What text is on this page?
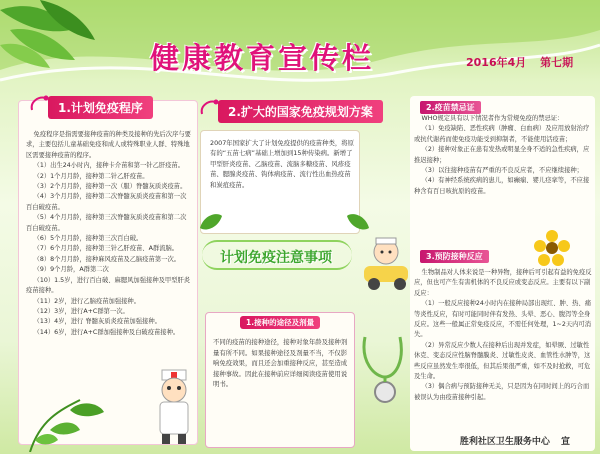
健康教育宣传栏	2016年4月 第七期
1.计划免疫程序

免疫程序是指需要接种疫苗的种类及接种的先后次序与要求，主要包括儿童基础免疫和成人或特殊职业人群、特殊地区需要接种疫苗的程序。

（1）出生24小时内，接种卡介苗和第一针乙肝疫苗。

（2）1个月月龄，接种第二针乙肝疫苗。

（3）2个月月龄，接种第一次（服）脊髓灰质炎疫苗。

（4）3个月月龄，接种第二次脊髓灰质炎疫苗和第一次百白破疫苗。

（5）4个月月龄，接种第三次脊髓灰质炎疫苗和第二次百白破疫苗。

（6）5个月月龄，接种第三次百白破。

（7）6个月月龄，接种第三针乙肝疫苗、A群流脑。

（8）8个月月龄，接种麻风疫苗及乙脑疫苗第一次。

（9）9个月龄，A群第二次

（10）1.5岁，进行百白破、麻腮风加强接种及甲型肝炎疫苗接种。

（11）2岁，进行乙脑疫苗加强接种。

（12）3岁，进行A+C群第一次。

（13）4岁，进行 脊髓灰质炎疫苗加强接种。

（14）6岁，进行A+C群加强接种及白破疫苗接种。

2.扩大的国家免疫规划方案
2007年国家扩大了计划免疫提供的疫苗种类，将原有的“五苗七病”基础上增加到15种传染病。新增了甲型肝炎疫苗、乙脑疫苗、流脑多糖疫苗、风疹疫苗、腮腺炎疫苗、钩体病疫苗、流行性出血热疫苗和炭疽疫苗。
计划免疫注意事项
1.接种的途径及剂量
不同的疫苗的接种途径，接种对象年龄及接种剂量有所不同。如果接种途径及剂量不当，不仅影响免疫效果，而且还会加重接种反应，甚至造成接种事故。因此在接种前应详细阅读疫苗使用说明书。
2.疫苗禁忌证

WHO规定具有以下情况者作为常规免疫的禁忌证：

（1）免疫缺陷、恶性疾病（肿瘤、白血病）及应用放射治疗或抗代谢药而使免疫功能受到抑制者，不能使用活疫苗；

（2）接种对象正在患有发热或明显全身不适的急性疾病，应推迟接种；

（3）以往接种疫苗有严重的不良反应者，不应继续接种；

（4）有神经系统疾病的患儿，如癫痫、婴儿痉挛等，不应接种含有百日咳抗原的疫苗。

3.预防接种反应

生物制品对人体来说是一种异物，接种后可引起有益的免疫反应，但也可产生有害机体的不良反应或变态反应。主要有以下副反应：

（1）一般反应接种24小时内在接种局部出现红、肿、热、痛等炎性反应，有时可能同时伴有发热、头晕、恶心、腹泻等全身反应。这些一般属正常免疫反应，不需任何处理，1~2天内可消失。

（2）异常反应少数人在接种后出现并发症，如晕厥、过敏性休克、变态反应性脑脊髓膜炎、过敏性皮炎、血管性水肿等，这些反应虽然发生率很低，但其后果很严重，如不及时抢救，可危及生命。

（3）偶合病与预防接种无关，只是因为在同时间上的巧合而被误认为由疫苗接种引起。

胜利社区卫生服务中心 宣
